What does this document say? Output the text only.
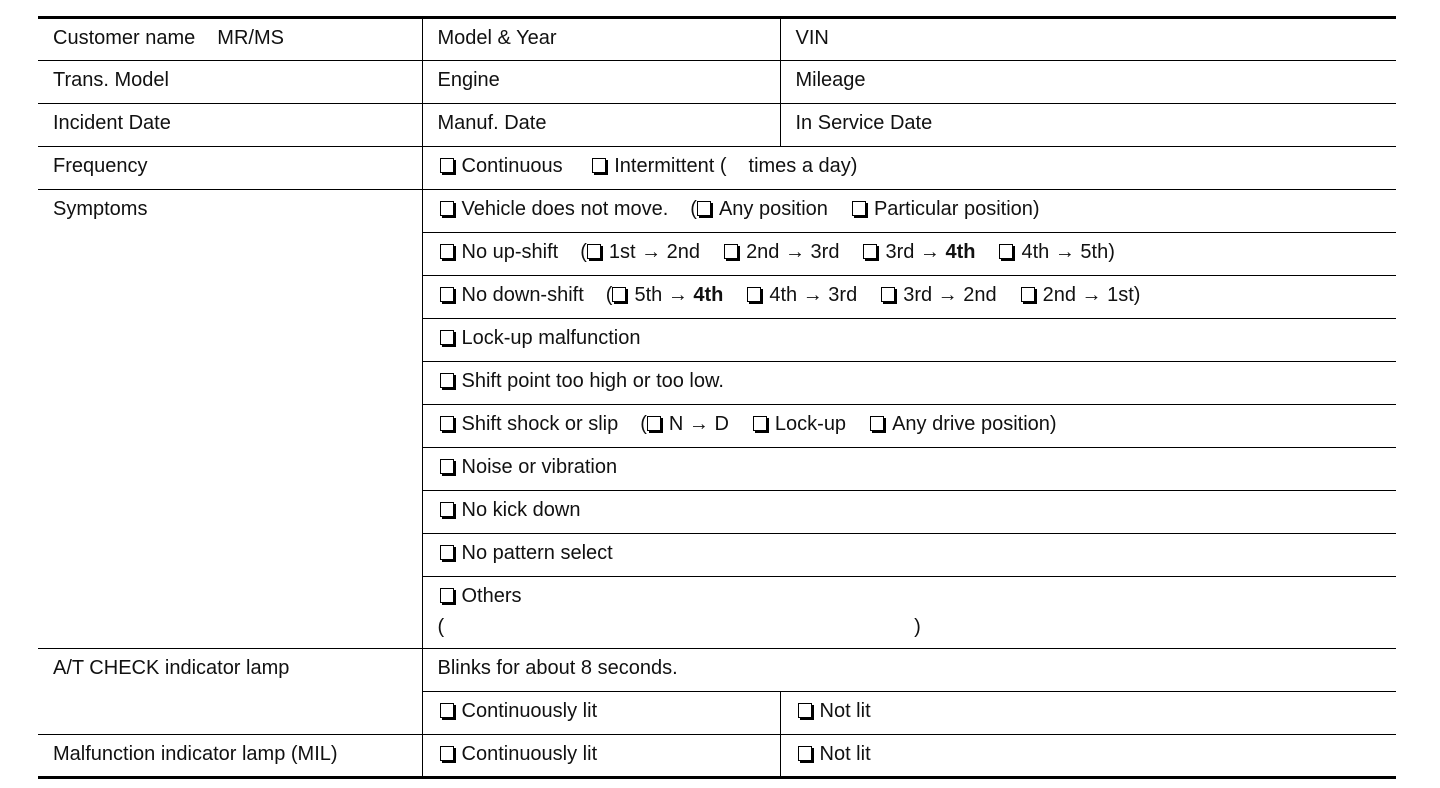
Customer name MR/MS	Model & Year	VIN
Trans. Model	Engine	Mileage
Incident Date	Manuf. Date	In Service Date
Frequency	Continuous Intermittent ( times a day)	
Symptoms	Vehicle does not move. ( Any position Particular position)	
	No up-shift ( 1st → 2nd 2nd → 3rd 3rd → 4th 4th → 5th)	
	No down-shift ( 5th → 4th 4th → 3rd 3rd → 2nd 2nd → 1st)	
	Lock-up malfunction	
	Shift point too high or too low.	
	Shift shock or slip ( N → D Lock-up Any drive position)	
	Noise or vibration	
	No kick down	
	No pattern select	
	Others

( )	

A/T CHECK indicator lamp	Blinks for about 8 seconds.	
	Continuously lit	Not lit
Malfunction indicator lamp (MIL)	Continuously lit	Not lit
